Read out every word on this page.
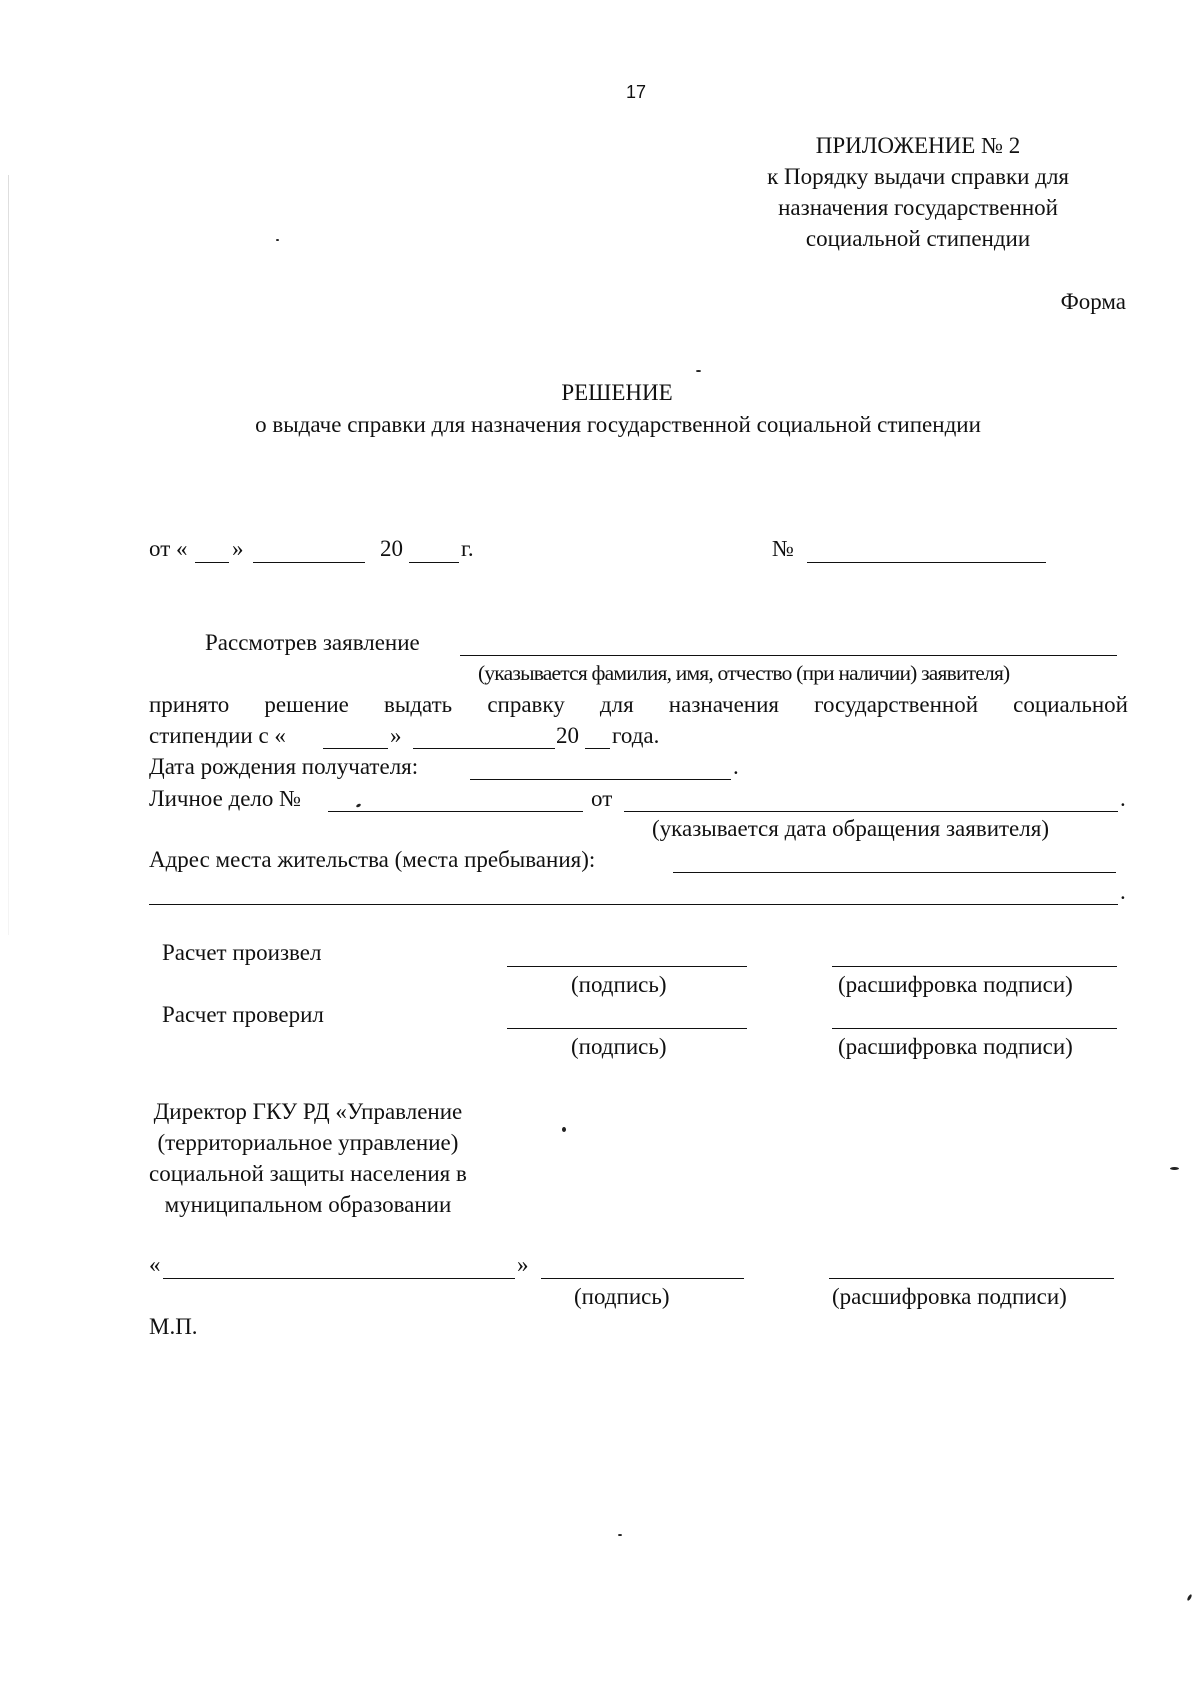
17
ПРИЛОЖЕНИЕ № 2
к Порядку выдачи справки для
назначения государственной
социальной стипендии
Форма
РЕШЕНИЕ
о выдаче справки для назначения государственной социальной стипендии
от « »	20	г.	№
Рассмотрев заявление
(указывается фамилия, имя, отчество (при наличии) заявителя)
принято решение выдать справку для назначения государственной социальной
стипендии с «	»	20 года.
Дата рождения получателя:	.
Личное дело №	от	.
(указывается дата обращения заявителя)
Адрес места жительства (места пребывания):
.
Расчет произвел
(подпись)	(расшифровка подписи)
Расчет проверил
(подпись)	(расшифровка подписи)
Директор ГКУ РД «Управление
(территориальное управление)
социальной защиты населения в
муниципальном образовании
«	»
(подпись)	(расшифровка подписи)
М.П.
